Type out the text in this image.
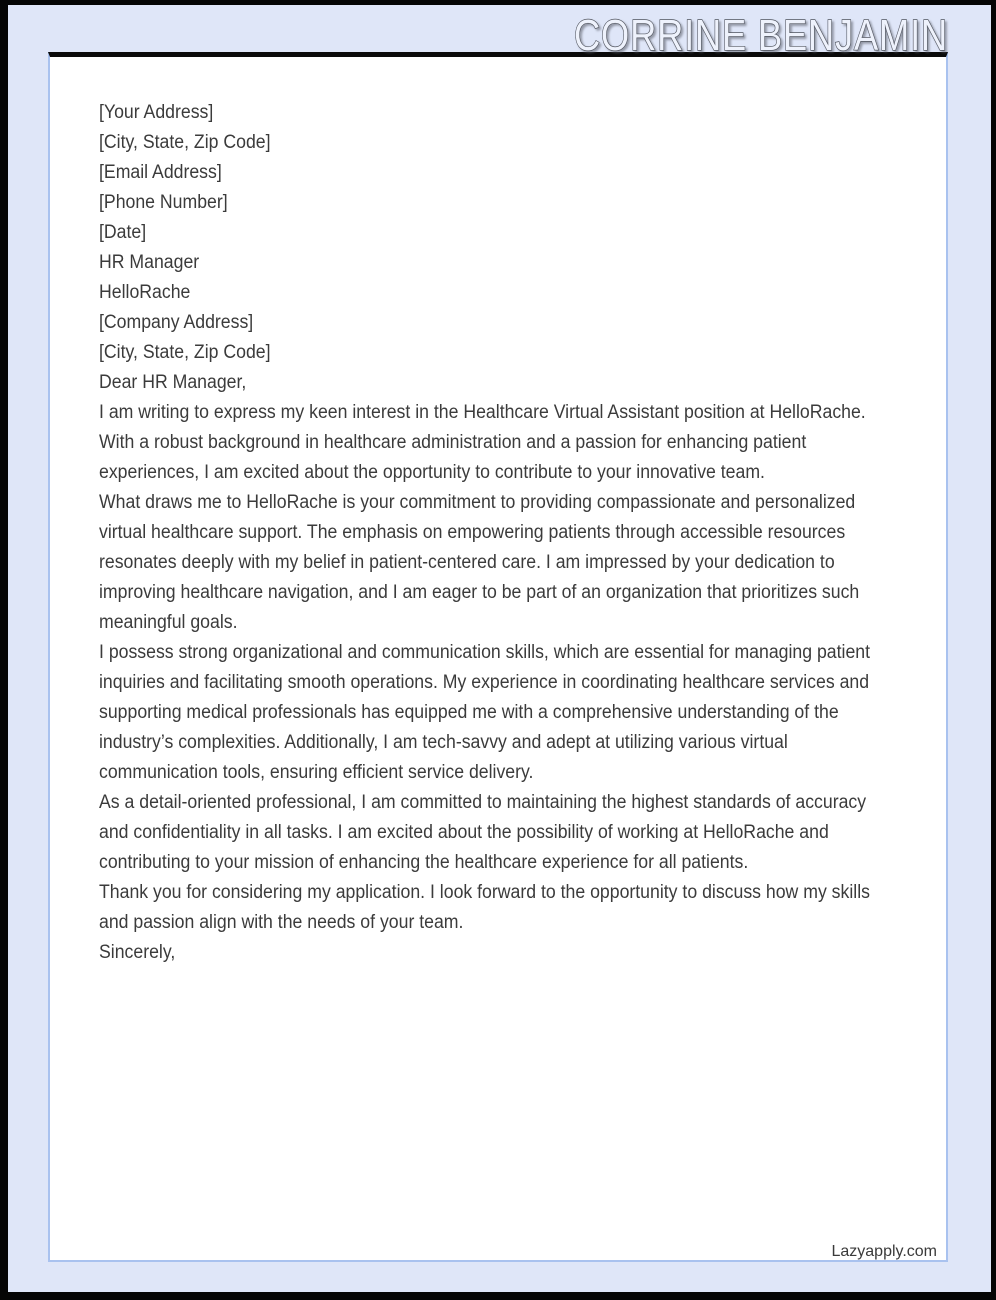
CORRINE BENJAMIN
[Your Address]
[City, State, Zip Code]
[Email Address]
[Phone Number]
[Date]
HR Manager
HelloRache
[Company Address]
[City, State, Zip Code]

Dear HR Manager,

I am writing to express my keen interest in the Healthcare Virtual Assistant position at HelloRache. With a robust background in healthcare administration and a passion for enhancing patient experiences, I am excited about the opportunity to contribute to your innovative team.

What draws me to HelloRache is your commitment to providing compassionate and personalized virtual healthcare support. The emphasis on empowering patients through accessible resources resonates deeply with my belief in patient-centered care. I am impressed by your dedication to improving healthcare navigation, and I am eager to be part of an organization that prioritizes such meaningful goals.

I possess strong organizational and communication skills, which are essential for managing patient inquiries and facilitating smooth operations. My experience in coordinating healthcare services and supporting medical professionals has equipped me with a comprehensive understanding of the industry’s complexities. Additionally, I am tech-savvy and adept at utilizing various virtual communication tools, ensuring efficient service delivery.

As a detail-oriented professional, I am committed to maintaining the highest standards of accuracy and confidentiality in all tasks. I am excited about the possibility of working at HelloRache and contributing to your mission of enhancing the healthcare experience for all patients.

Thank you for considering my application. I look forward to the opportunity to discuss how my skills and passion align with the needs of your team.

Sincerely,

Lazyapply.com
